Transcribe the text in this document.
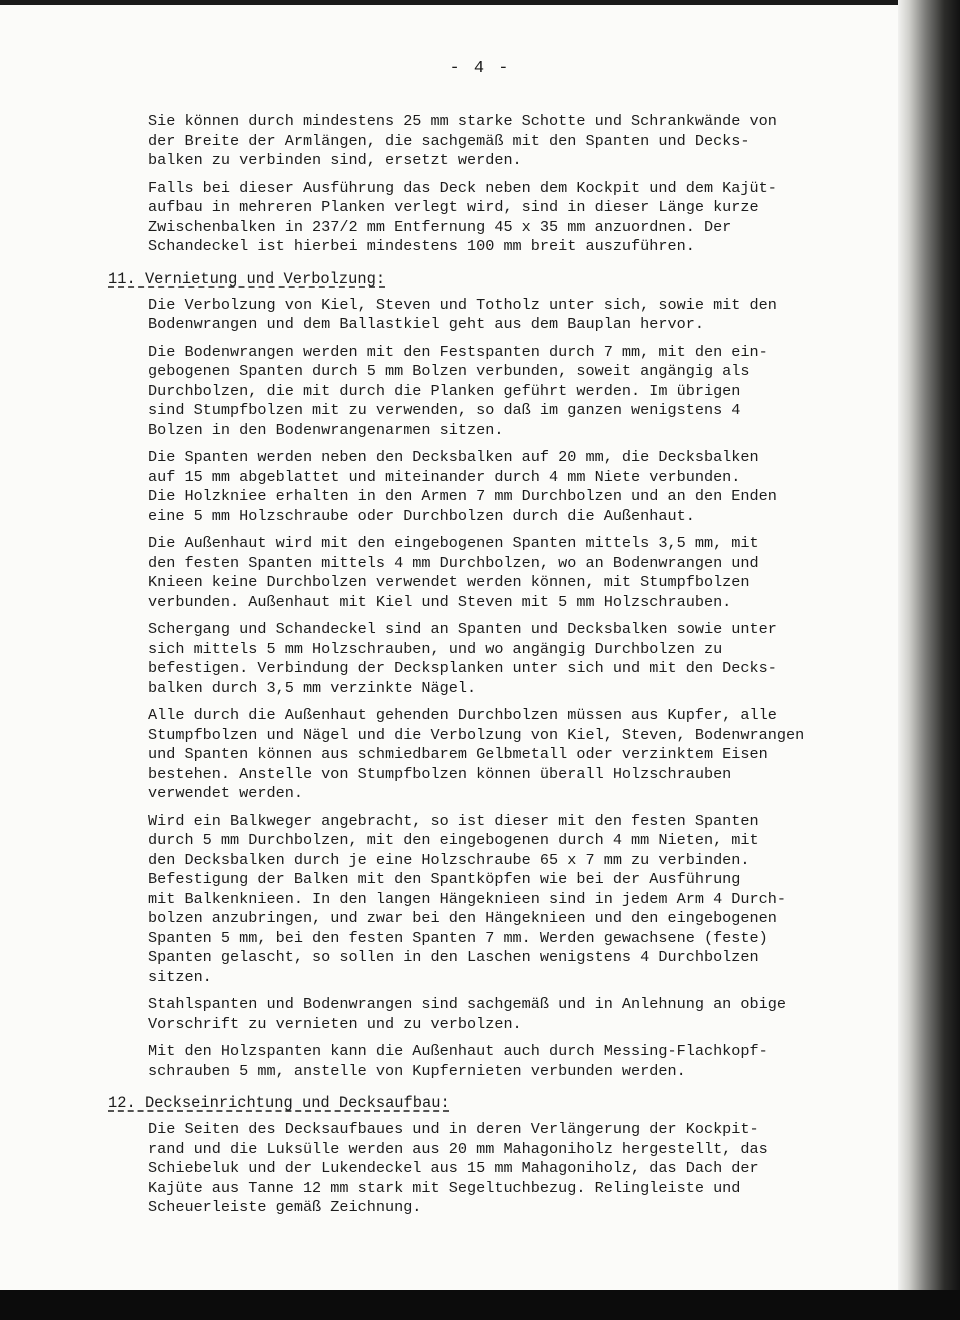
- 4 -
Sie können durch mindestens 25 mm starke Schotte und Schrankwände von
der Breite der Armlängen, die sachgemäß mit den Spanten und Decks-
balken zu verbinden sind, ersetzt werden.
Falls bei dieser Ausführung das Deck neben dem Kockpit und dem Kajüt-
aufbau in mehreren Planken verlegt wird, sind in dieser Länge kurze
Zwischenbalken in 237/2 mm Entfernung 45 x 35 mm anzuordnen. Der
Schandeckel ist hierbei mindestens 100 mm breit auszuführen.
11. Vernietung und Verbolzung:
Die Verbolzung von Kiel, Steven und Totholz unter sich, sowie mit den
Bodenwrangen und dem Ballastkiel geht aus dem Bauplan hervor.
Die Bodenwrangen werden mit den Festspanten durch 7 mm, mit den ein-
gebogenen Spanten durch 5 mm Bolzen verbunden, soweit angängig als
Durchbolzen, die mit durch die Planken geführt werden. Im übrigen
sind Stumpfbolzen mit zu verwenden, so daß im ganzen wenigstens 4
Bolzen in den Bodenwrangenarmen sitzen.
Die Spanten werden neben den Decksbalken auf 20 mm, die Decksbalken
auf 15 mm abgeblattet und miteinander durch 4 mm Niete verbunden.
Die Holzkniee erhalten in den Armen 7 mm Durchbolzen und an den Enden
eine 5 mm Holzschraube oder Durchbolzen durch die Außenhaut.
Die Außenhaut wird mit den eingebogenen Spanten mittels 3,5 mm, mit
den festen Spanten mittels 4 mm Durchbolzen, wo an Bodenwrangen und
Knieen keine Durchbolzen verwendet werden können, mit Stumpfbolzen
verbunden. Außenhaut mit Kiel und Steven mit 5 mm Holzschrauben.
Schergang und Schandeckel sind an Spanten und Decksbalken sowie unter
sich mittels 5 mm Holzschrauben, und wo angängig Durchbolzen zu
befestigen. Verbindung der Decksplanken unter sich und mit den Decks-
balken durch 3,5 mm verzinkte Nägel.
Alle durch die Außenhaut gehenden Durchbolzen müssen aus Kupfer, alle
Stumpfbolzen und Nägel und die Verbolzung von Kiel, Steven, Bodenwrangen
und Spanten können aus schmiedbarem Gelbmetall oder verzinktem Eisen
bestehen. Anstelle von Stumpfbolzen können überall Holzschrauben
verwendet werden.
Wird ein Balkweger angebracht, so ist dieser mit den festen Spanten
durch 5 mm Durchbolzen, mit den eingebogenen durch 4 mm Nieten, mit
den Decksbalken durch je eine Holzschraube 65 x 7 mm zu verbinden.
Befestigung der Balken mit den Spantköpfen wie bei der Ausführung
mit Balkenknieen. In den langen Hängeknieen sind in jedem Arm 4 Durch-
bolzen anzubringen, und zwar bei den Hängeknieen und den eingebogenen
Spanten 5 mm, bei den festen Spanten 7 mm. Werden gewachsene (feste)
Spanten gelascht, so sollen in den Laschen wenigstens 4 Durchbolzen
sitzen.
Stahlspanten und Bodenwrangen sind sachgemäß und in Anlehnung an obige
Vorschrift zu vernieten und zu verbolzen.
Mit den Holzspanten kann die Außenhaut auch durch Messing-Flachkopf-
schrauben 5 mm, anstelle von Kupfernieten verbunden werden.
12. Deckseinrichtung und Decksaufbau:
Die Seiten des Decksaufbaues und in deren Verlängerung der Kockpit-
rand und die Luksülle werden aus 20 mm Mahagoniholz hergestellt, das
Schiebeluk und der Lukendeckel aus 15 mm Mahagoniholz, das Dach der
Kajüte aus Tanne 12 mm stark mit Segeltuchbezug. Relingleiste und
Scheuerleiste gemäß Zeichnung.
